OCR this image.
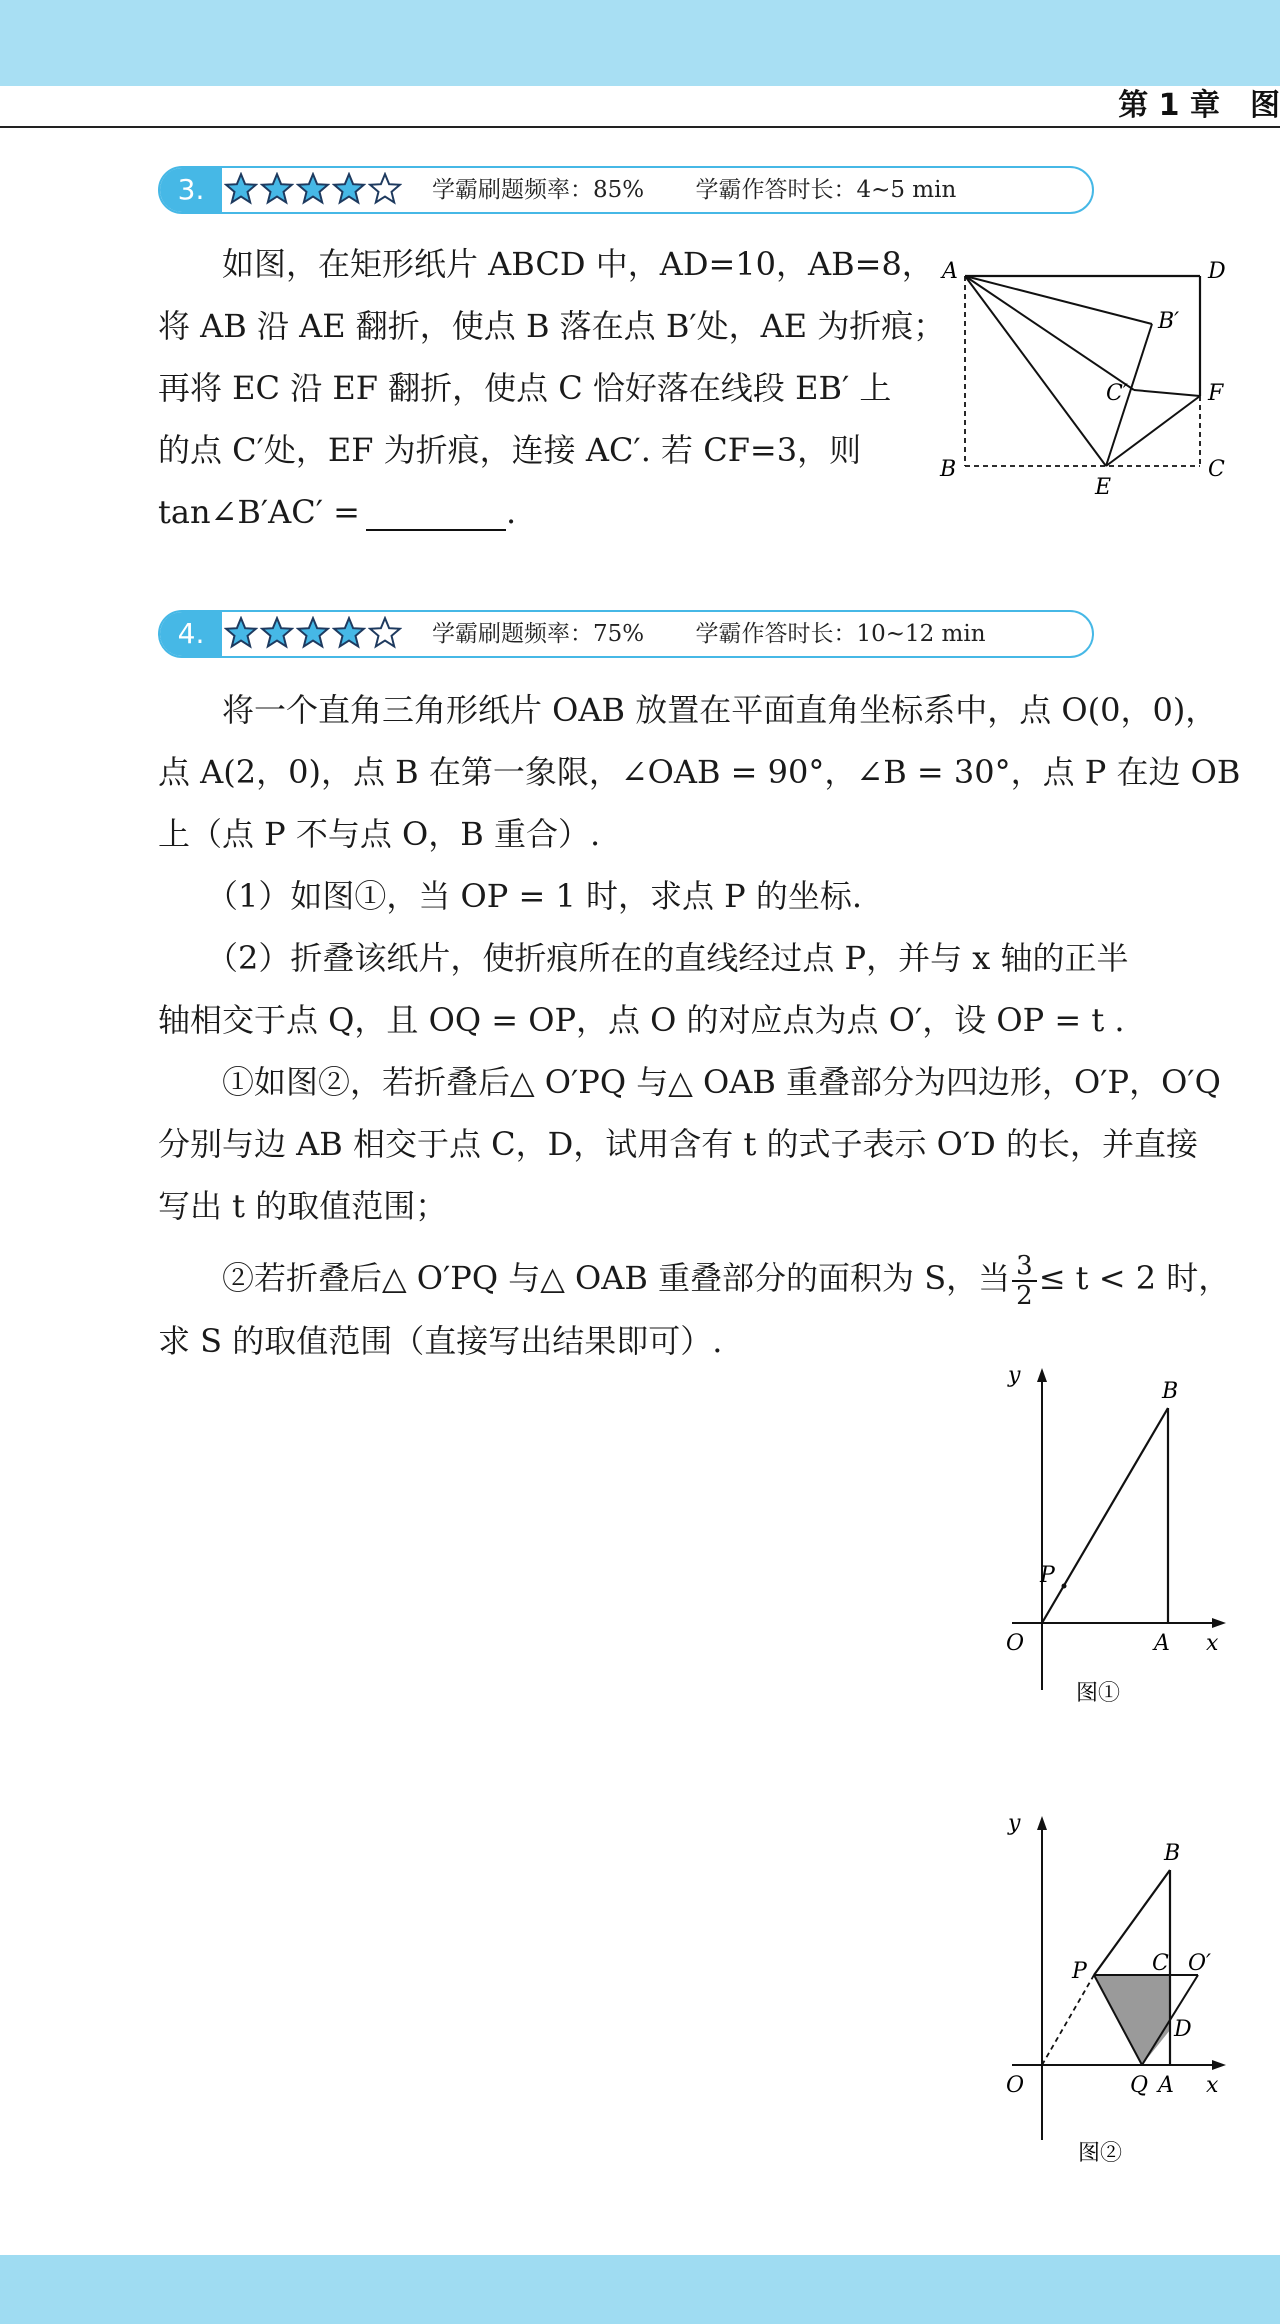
第 1 章　图
3.	学霸刷题频率：85% 学霸作答时长：4~5 min
　　如图，在矩形纸片 ABCD 中，AD=10，AB=8，
将 AB 沿 AE 翻折，使点 B 落在点 B′处，AE 为折痕；
再将 EC 沿 EF 翻折，使点 C 恰好落在线段 EB′ 上
的点 C′处，EF 为折痕，连接 AC′. 若 CF=3，则
tan∠B′AC′ =	.
A	D
B′
C′	F
B	C
E
4.	学霸刷题频率：75% 学霸作答时长：10~12 min
　　将一个直角三角形纸片 OAB 放置在平面直角坐标系中，点 O(0，0)，
点 A(2，0)，点 B 在第一象限，∠OAB = 90°，∠B = 30°，点 P 在边 OB
上（点 P 不与点 O，B 重合）.
　　（1）如图①，当 OP = 1 时，求点 P 的坐标.
　　（2）折叠该纸片，使折痕所在的直线经过点 P，并与 x 轴的正半
轴相交于点 Q，且 OQ = OP，点 O 的对应点为点 O′，设 OP = t .
　　①如图②，若折叠后△ O′PQ 与△ OAB 重叠部分为四边形，O′P，O′Q
分别与边 AB 相交于点 C，D，试用含有 t 的式子表示 O′D 的长，并直接
写出 t 的取值范围；
　　②若折叠后△ O′PQ 与△ OAB 重叠部分的面积为 S，当 $\frac{3}{2} \le t < 2$ 时，
求 S 的取值范围（直接写出结果即可）.
y
x
O	A
B
P
图①
y
x
O
B
P	C O′
D
Q A
图②
